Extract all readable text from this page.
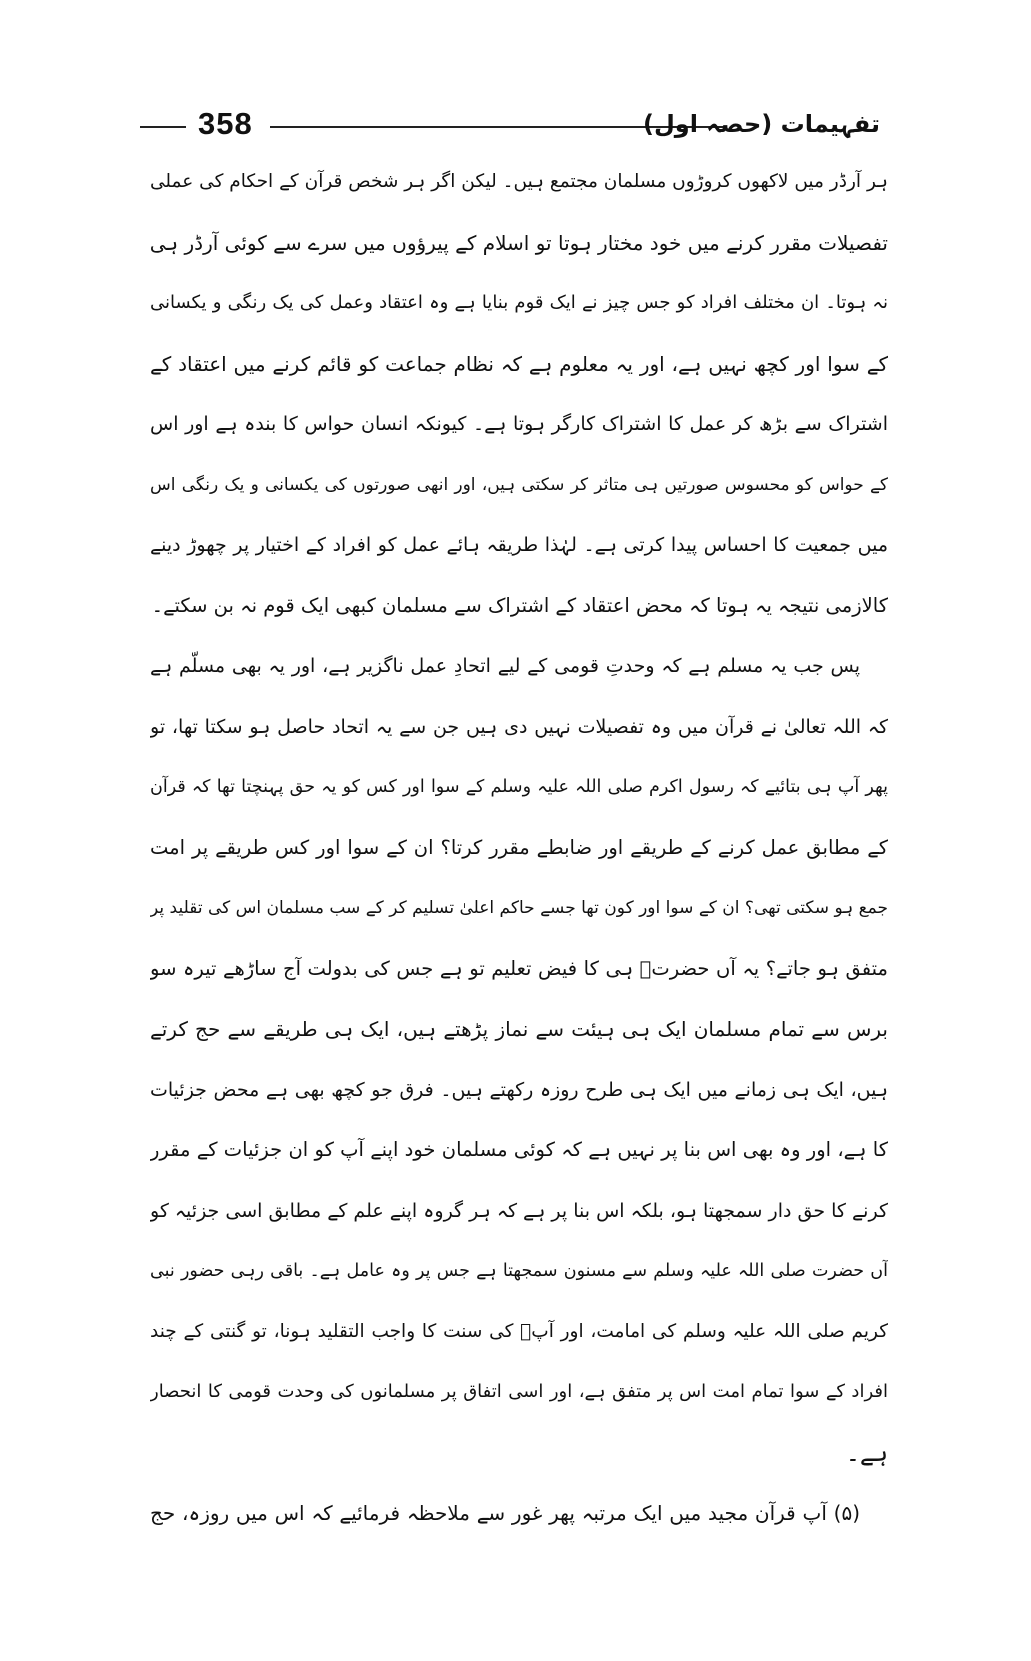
358	تفہیمات (حصہ اول)
ہر آرڈر میں لاکھوں کروڑوں مسلمان مجتمع ہیں۔ لیکن اگر ہر شخص قرآن کے احکام کی عملی
تفصیلات مقرر کرنے میں خود مختار ہوتا تو اسلام کے پیرؤوں میں سرے سے کوئی آرڈر ہی
نہ ہوتا۔ ان مختلف افراد کو جس چیز نے ایک قوم بنایا ہے وہ اعتقاد وعمل کی یک رنگی و یکسانی
کے سوا اور کچھ نہیں ہے، اور یہ معلوم ہے کہ نظام جماعت کو قائم کرنے میں اعتقاد کے
اشتراک سے بڑھ کر عمل کا اشتراک کارگر ہوتا ہے۔ کیونکہ انسان حواس کا بندہ ہے اور اس
کے حواس کو محسوس صورتیں ہی متاثر کر سکتی ہیں، اور انھی صورتوں کی یکسانی و یک رنگی اس
میں جمعیت کا احساس پیدا کرتی ہے۔ لہٰذا طریقہ ہائے عمل کو افراد کے اختیار پر چھوڑ دینے
کالازمی نتیجہ یہ ہوتا کہ محض اعتقاد کے اشتراک سے مسلمان کبھی ایک قوم نہ بن سکتے۔
پس جب یہ مسلم ہے کہ وحدتِ قومی کے لیے اتحادِ عمل ناگزیر ہے، اور یہ بھی مسلّم ہے
کہ اللہ تعالیٰ نے قرآن میں وہ تفصیلات نہیں دی ہیں جن سے یہ اتحاد حاصل ہو سکتا تھا، تو
پھر آپ ہی بتائیے کہ رسول اکرم صلی اللہ علیہ وسلم کے سوا اور کس کو یہ حق پہنچتا تھا کہ قرآن
کے مطابق عمل کرنے کے طریقے اور ضابطے مقرر کرتا؟ ان کے سوا اور کس طریقے پر امت
جمع ہو سکتی تھی؟ ان کے سوا اور کون تھا جسے حاکم اعلیٰ تسلیم کر کے سب مسلمان اس کی تقلید پر
متفق ہو جاتے؟ یہ آں حضرتؐ ہی کا فیض تعلیم تو ہے جس کی بدولت آج ساڑھے تیرہ سو
برس سے تمام مسلمان ایک ہی ہیئت سے نماز پڑھتے ہیں، ایک ہی طریقے سے حج کرتے
ہیں، ایک ہی زمانے میں ایک ہی طرح روزہ رکھتے ہیں۔ فرق جو کچھ بھی ہے محض جزئیات
کا ہے، اور وہ بھی اس بنا پر نہیں ہے کہ کوئی مسلمان خود اپنے آپ کو ان جزئیات کے مقرر
کرنے کا حق دار سمجھتا ہو، بلکہ اس بنا پر ہے کہ ہر گروہ اپنے علم کے مطابق اسی جزئیہ کو
آں حضرت صلی اللہ علیہ وسلم سے مسنون سمجھتا ہے جس پر وہ عامل ہے۔ باقی رہی حضور نبی
کریم صلی اللہ علیہ وسلم کی امامت، اور آپؐ کی سنت کا واجب التقلید ہونا، تو گنتی کے چند
افراد کے سوا تمام امت اس پر متفق ہے، اور اسی اتفاق پر مسلمانوں کی وحدت قومی کا انحصار
ہے۔
(۵) آپ قرآن مجید میں ایک مرتبہ پھر غور سے ملاحظہ فرمائیے کہ اس میں روزہ، حج
